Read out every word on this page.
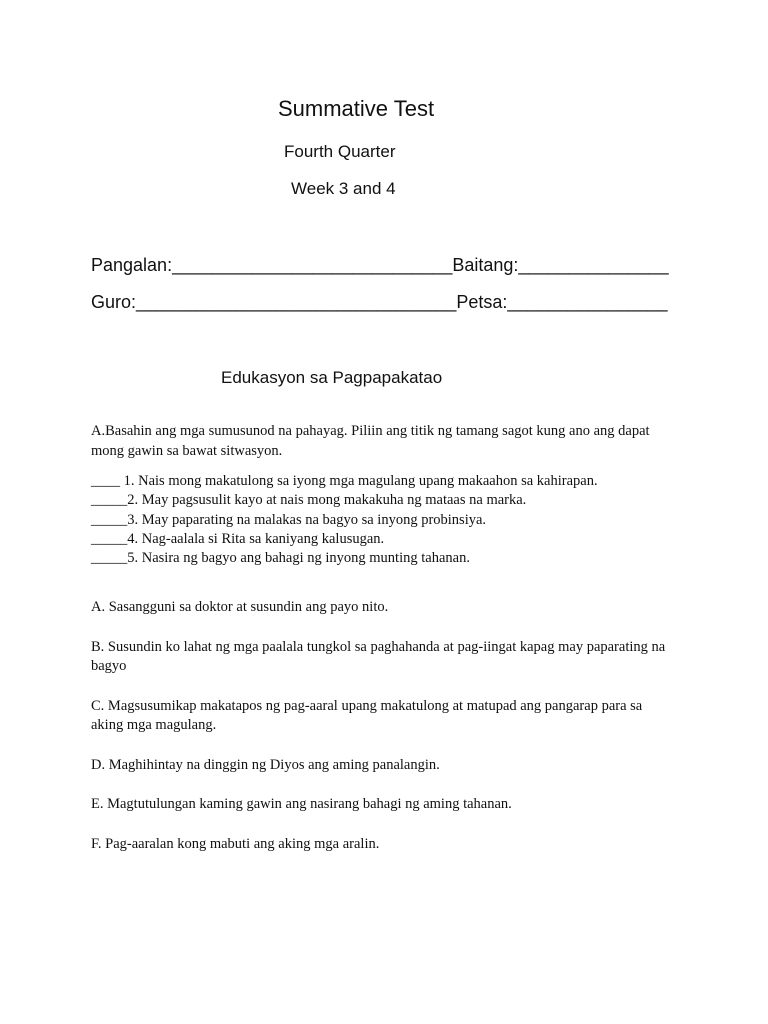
Summative Test
Fourth Quarter
Week 3 and 4
Pangalan:____________________________Baitang:_______________
Guro:________________________________Petsa:________________
Edukasyon sa Pagpapakatao
A.Basahin ang mga sumusunod na pahayag. Piliin ang titik ng tamang sagot kung ano ang dapat mong gawin sa bawat sitwasyon.
____ 1. Nais mong makatulong sa iyong mga magulang upang makaahon sa kahirapan.
_____2. May pagsusulit kayo at nais mong makakuha ng mataas na marka.
_____3. May paparating na malakas na bagyo sa inyong probinsiya.
_____4. Nag-aalala si Rita sa kaniyang kalusugan.
_____5. Nasira ng bagyo ang bahagi ng inyong munting tahanan.

A. Sasangguni sa doktor at susundin ang payo nito.

B. Susundin ko lahat ng mga paalala tungkol sa paghahanda at pag-iingat kapag may paparating na bagyo

C. Magsusumikap makatapos ng pag-aaral upang makatulong at matupad ang pangarap para sa aking mga magulang.

D. Maghihintay na dinggin ng Diyos ang aming panalangin.

E. Magtutulungan kaming gawin ang nasirang bahagi ng aming tahanan.

F. Pag-aaralan kong mabuti ang aking mga aralin.
